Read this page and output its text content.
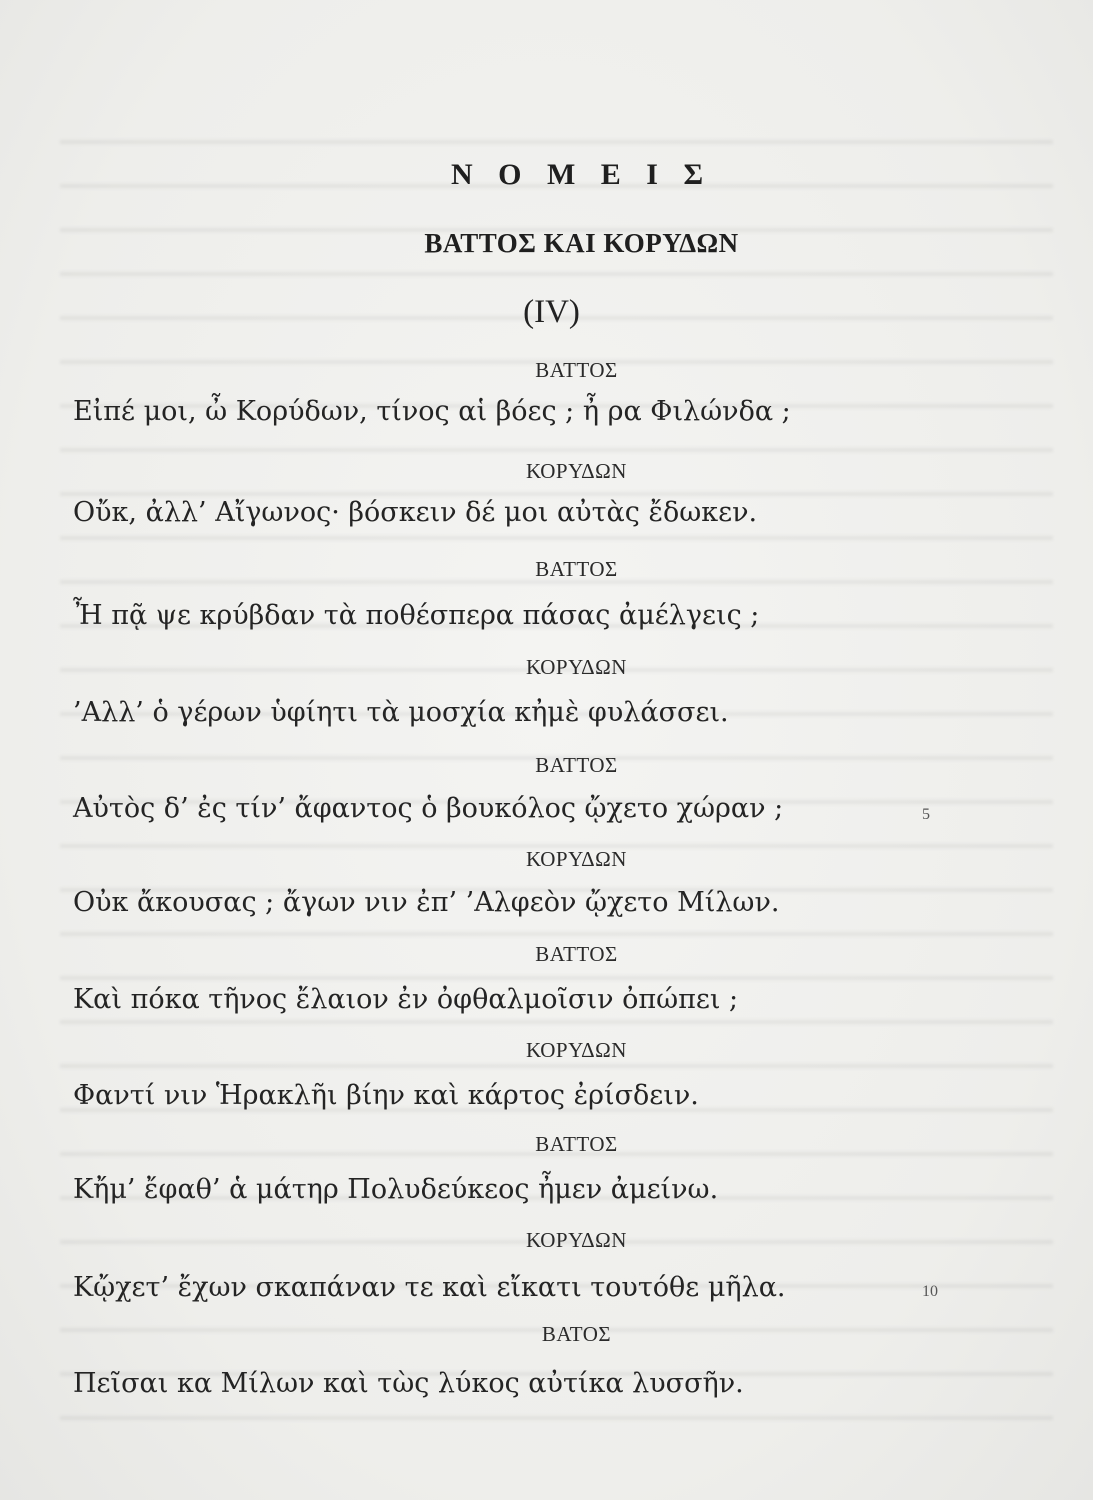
Ν Ο Μ Ε Ι Σ
ΒΑΤΤΟΣ ΚΑΙ ΚΟΡΥΔΩΝ
(IV)
ΒΑΤΤΟΣ
Εἰπέ μοι, ὦ Κορύδων, τίνος αἱ βόες ; ἦ ρα Φιλώνδα ;
ΚΟΡΥΔΩΝ
Οὔκ, ἀλλ’ Αἴγωνος· βόσκειν δέ μοι αὐτὰς ἔδωκεν.
ΒΑΤΤΟΣ
Ἦ πᾷ ψε κρύβδαν τὰ ποθέσπερα πάσας ἀμέλγεις ;
ΚΟΡΥΔΩΝ
’Αλλ’ ὁ γέρων ὑφίητι τὰ μοσχία κἠμὲ φυλάσσει.
ΒΑΤΤΟΣ
Αὐτὸς δ’ ἐς τίν’ ἄφαντος ὁ βουκόλος ᾤχετο χώραν ;	5
ΚΟΡΥΔΩΝ
Οὐκ ἄκουσας ; ἄγων νιν ἐπ’ ’Αλφεὸν ᾤχετο Μίλων.
ΒΑΤΤΟΣ
Καὶ πόκα τῆνος ἔλαιον ἐν ὀφθαλμοῖσιν ὀπώπει ;
ΚΟΡΥΔΩΝ
Φαντί νιν Ἡρακλῆι βίην καὶ κάρτος ἐρίσδειν.
ΒΑΤΤΟΣ
Κἤμ’ ἔφαθ’ ἁ μάτηρ Πολυδεύκεος ἦμεν ἀμείνω.
ΚΟΡΥΔΩΝ
Κᾤχετ’ ἔχων σκαπάναν τε καὶ εἴκατι τουτόθε μῆλα.	10
ΒΑΤΟΣ
Πεῖσαι κα Μίλων καὶ τὼς λύκος αὐτίκα λυσσῆν.
